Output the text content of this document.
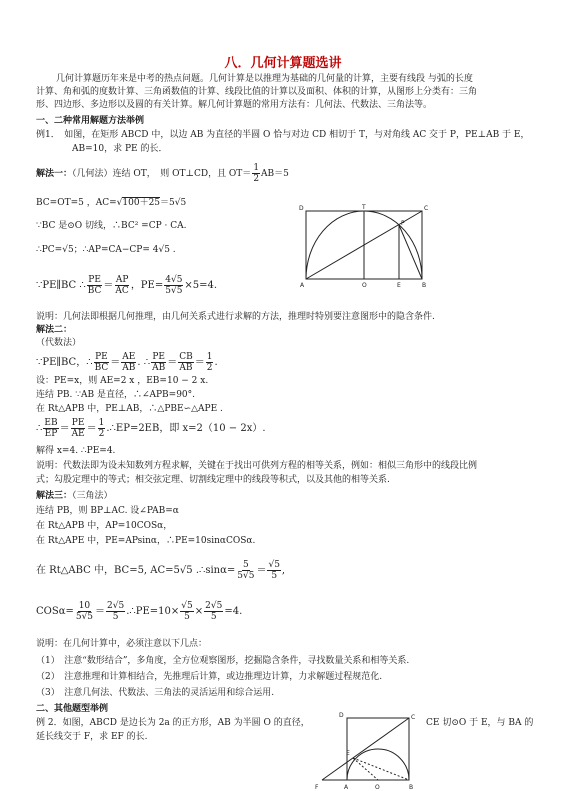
八．几何计算题选讲
几何计算题历年来是中考的热点问题。几何计算是以推理为基础的几何量的计算，主要有线段 与弧的长度
计算、角和弧的度数计算、三角函数值的计算、线段比值的计算以及面积、体积的计算，从图形上分类有：三角
形、四边形、多边形以及圆的有关计算。解几何计算题的常用方法有：几何法、代数法、三角法等。
一、二种常用解题方法举例
例1．　如图，在矩形 ABCD 中，以边 AB 为直径的半圆 O 恰与对边 CD 相切于 T，与对角线 AC 交于 P，PE⊥AB 于 E，
AB=10，求 PE 的长．
解法一：（几何法）连结 OT，　则 OT⊥CD，且 $OT= \frac{1}{2} AB=5$
BC=OT=5 ，AC=√100＋25＝5√5
∵BC 是⊙O 切线，∴BC² =CP · CA.
∴PC=√5；∴AP=CA−CP= 4√5 .
∵PE∥BC ∴ $\frac{PE}{BC} = \frac{AP}{AC}$ ，$PE= \frac{4√5}{5√5} \times 5=4$.
D	T	C
P
A	O	E	B
说明：几何法即根据几何推理，由几何关系式进行求解的方法，推理时特别要注意图形中的隐含条件.
解法二：
（代数法）
∵PE∥BC，∴ $\frac{PE}{BC} = \frac{AE}{AB}$ . ∴ $\frac{PE}{AB} = \frac{CB}{AB} = \frac{1}{2}$ .
设：PE=x，则 AE=2 x ，EB=10 − 2 x.
连结 PB. ∵AB 是直径，∴∠APB=90°.
在 Rt△APB 中，PE⊥AB，∴△PBE∽△APE .
∴ $\frac{EB}{EP} = \frac{PE}{AE} = \frac{1}{2}$ .∴EP=2EB，即 x=2（10 − 2x）.
解得 x=4. ∴PE=4.
说明：代数法即为设未知数列方程求解，关键在于找出可供列方程的相等关系，例如：相似三角形中的线段比例
式；勾股定理中的等式；相交弦定理、切割线定理中的线段等积式，以及其他的相等关系.
解法三：（三角法）
连结 PB，则 BP⊥AC. 设∠PAB=α
在 Rt△APB 中，AP=10COSα，
在 Rt△APE 中，PE=APsinα，∴PE=10sinαCOSα.
在 Rt△ABC 中，BC=5, AC=5√5 .∴sinα= $\frac{5}{5√5} = \frac{√5}{5}$ ,
$COS\alpha= \frac{10}{5√5} = \frac{2√5}{5}$ .∴PE=10× $\frac{√5}{5} \times \frac{2√5}{5} =4$.
说明：在几何计算中，必须注意以下几点：
（1）　注意“数形结合”，多角度，全方位观察图形，挖掘隐含条件，寻找数量关系和相等关系.
（2）　注意推理和计算相结合，先推理后计算，或边推理边计算，力求解题过程规范化.
（3）　注意几何法、代数法、三角法的灵活运用和综合运用.
二、其他题型举例
例 2．如图，ABCD 是边长为 2a 的正方形，AB 为半圆 O 的直径，	CE 切⊙O 于 E，与 BA 的
延长线交于 F，求 EF 的长.
D	C
E
F	A	O	B
